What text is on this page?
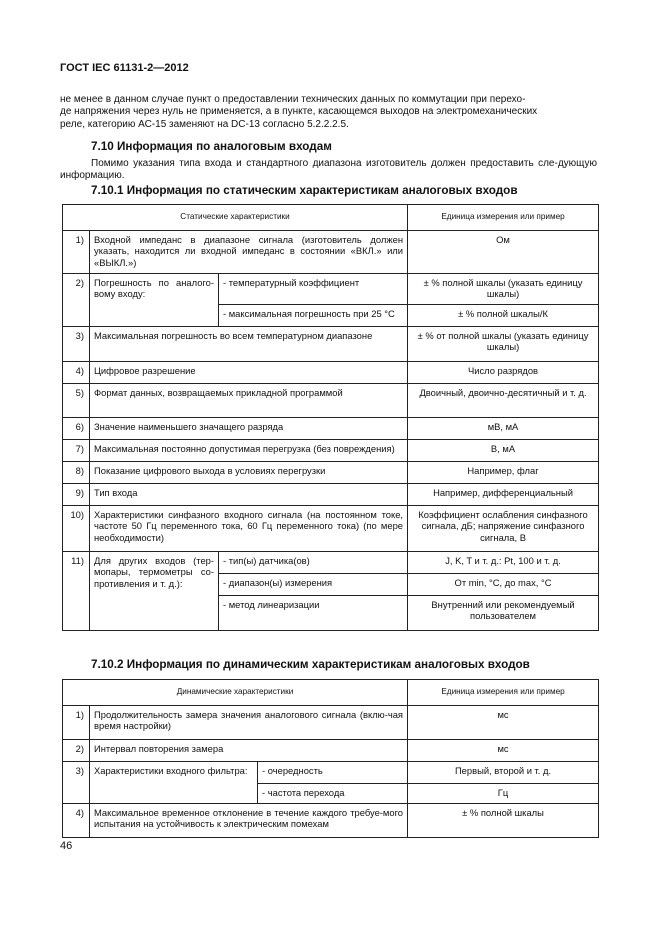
ГОСТ IEC 61131-2—2012

не менее в данном случае пункт о предоставлении технических данных по коммутации при перехо-
де напряжения через нуль не применяется, а в пункте, касающемся выходов на электромеханических
реле, категорию АС-15 заменяют на DC-13 согласно 5.2.2.2.5.

7.10 Информация по аналоговым входам

Помимо указания типа входа и стандартного диапазона изготовитель должен предоставить сле-дующую информацию.

7.10.1 Информация по статическим характеристикам аналоговых входов
Статические характеристики			Единица измерения или пример
1)	Входной импеданс в диапазоне сигнала (изготовитель должен указать, находится ли входной импеданс в состоянии «ВКЛ.» или «ВЫКЛ.»)		Ом
2)	Погрешность по аналого-вому входу:	- температурный коэффициент	± % полной шкалы (указать единицу шкалы)
		- максимальная погрешность при 25 °С	± % полной шкалы/К
3)	Максимальная погрешность во всем температурном диапазоне		± % от полной шкалы (указать единицу шкалы)
4)	Цифровое разрешение		Число разрядов
5)	Формат данных, возвращаемых прикладной программой		Двоичный, двоично-десятичный и т. д.
6)	Значение наименьшего значащего разряда		мВ, мА
7)	Максимальная постоянно допустимая перегрузка (без повреждения)		В, мА
8)	Показание цифрового выхода в условиях перегрузки		Например, флаг
9)	Тип входа		Например, дифференциальный
10)	Характеристики синфазного входного сигнала (на постоянном токе, частоте 50 Гц переменного тока, 60 Гц переменного тока) (по мере необходимости)		Коэффициент ослабления синфазного сигнала, дБ; напряжение синфазного сигнала, В
11)	Для других входов (тер-мопары, термометры со-противления и т. д.):	- тип(ы) датчика(ов)	J, K, T и т. д.: Pt, 100 и т. д.
		- диапазон(ы) измерения	От min, °С, до max, °С
		- метод линеаризации	Внутренний или рекомендуемый пользователем
7.10.2 Информация по динамическим характеристикам аналоговых входов
Динамические характеристики			Единица измерения или пример
1)	Продолжительность замера значения аналогового сигнала (вклю-чая время настройки)		мс
2)	Интервал повторения замера		мс
3)	Характеристики входного фильтра:	- очередность	Первый, второй и т. д.
		- частота перехода	Гц
4)	Максимальное временное отклонение в течение каждого требуе-мого испытания на устойчивость к электрическим помехам		± % полной шкалы
46
